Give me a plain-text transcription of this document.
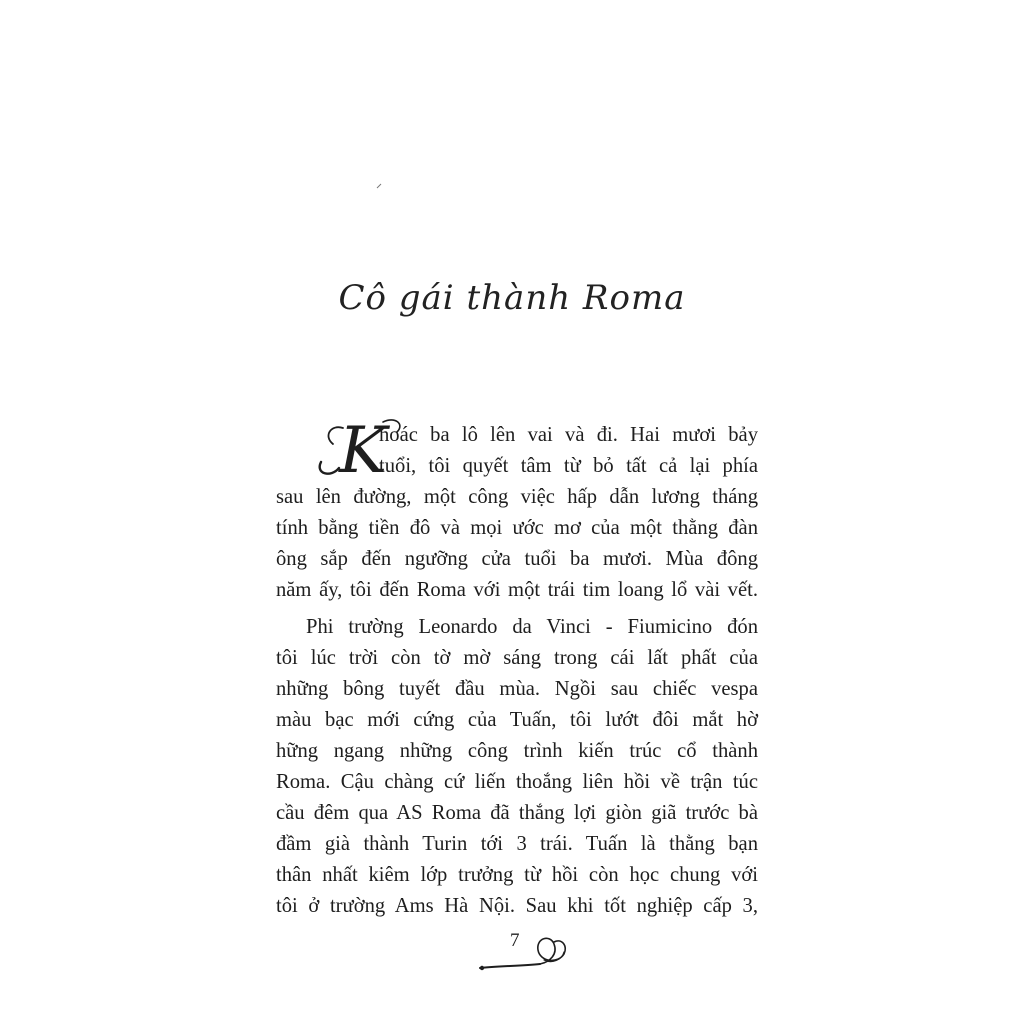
Cô gái thành Roma
K
hoác ba lô lên vai và đi. Hai mươi bảy
tuổi, tôi quyết tâm từ bỏ tất cả lại phía
sau lên đường, một công việc hấp dẫn lương tháng
tính bằng tiền đô và mọi ước mơ của một thằng đàn
ông sắp đến ngưỡng cửa tuổi ba mươi. Mùa đông
năm ấy, tôi đến Roma với một trái tim loang lổ vài vết.
Phi trường Leonardo da Vinci - Fiumicino đón
tôi lúc trời còn tờ mờ sáng trong cái lất phất của
những bông tuyết đầu mùa. Ngồi sau chiếc vespa
màu bạc mới cứng của Tuấn, tôi lướt đôi mắt hờ
hững ngang những công trình kiến trúc cổ thành
Roma. Cậu chàng cứ liến thoắng liên hồi về trận túc
cầu đêm qua AS Roma đã thắng lợi giòn giã trước bà
đầm già thành Turin tới 3 trái. Tuấn là thằng bạn
thân nhất kiêm lớp trưởng từ hồi còn học chung với
tôi ở trường Ams Hà Nội. Sau khi tốt nghiệp cấp 3,
7
